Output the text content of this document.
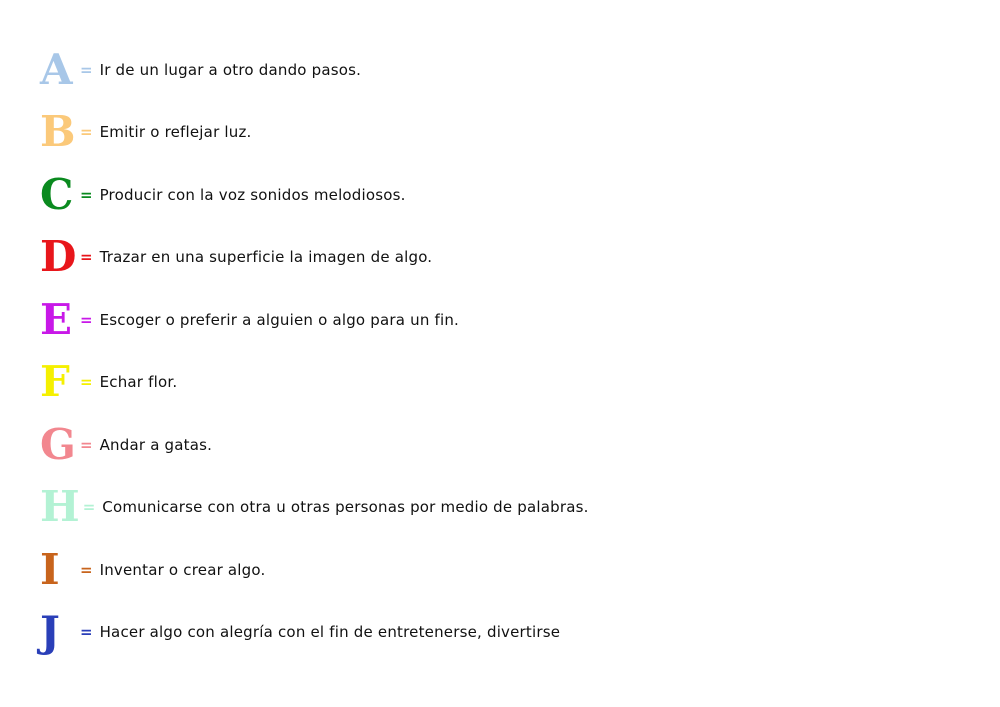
A = Ir de un lugar a otro dando pasos.
B = Emitir o reflejar luz.
C = Producir con la voz sonidos melodiosos.
D = Trazar en una superficie la imagen de algo.
E = Escoger o preferir a alguien o algo para un fin.
F = Echar flor.
G = Andar a gatas.
H = Comunicarse con otra u otras personas por medio de palabras.
I	= Inventar o crear algo.
J	= Hacer algo con alegría con el fin de entretenerse, divertirse
